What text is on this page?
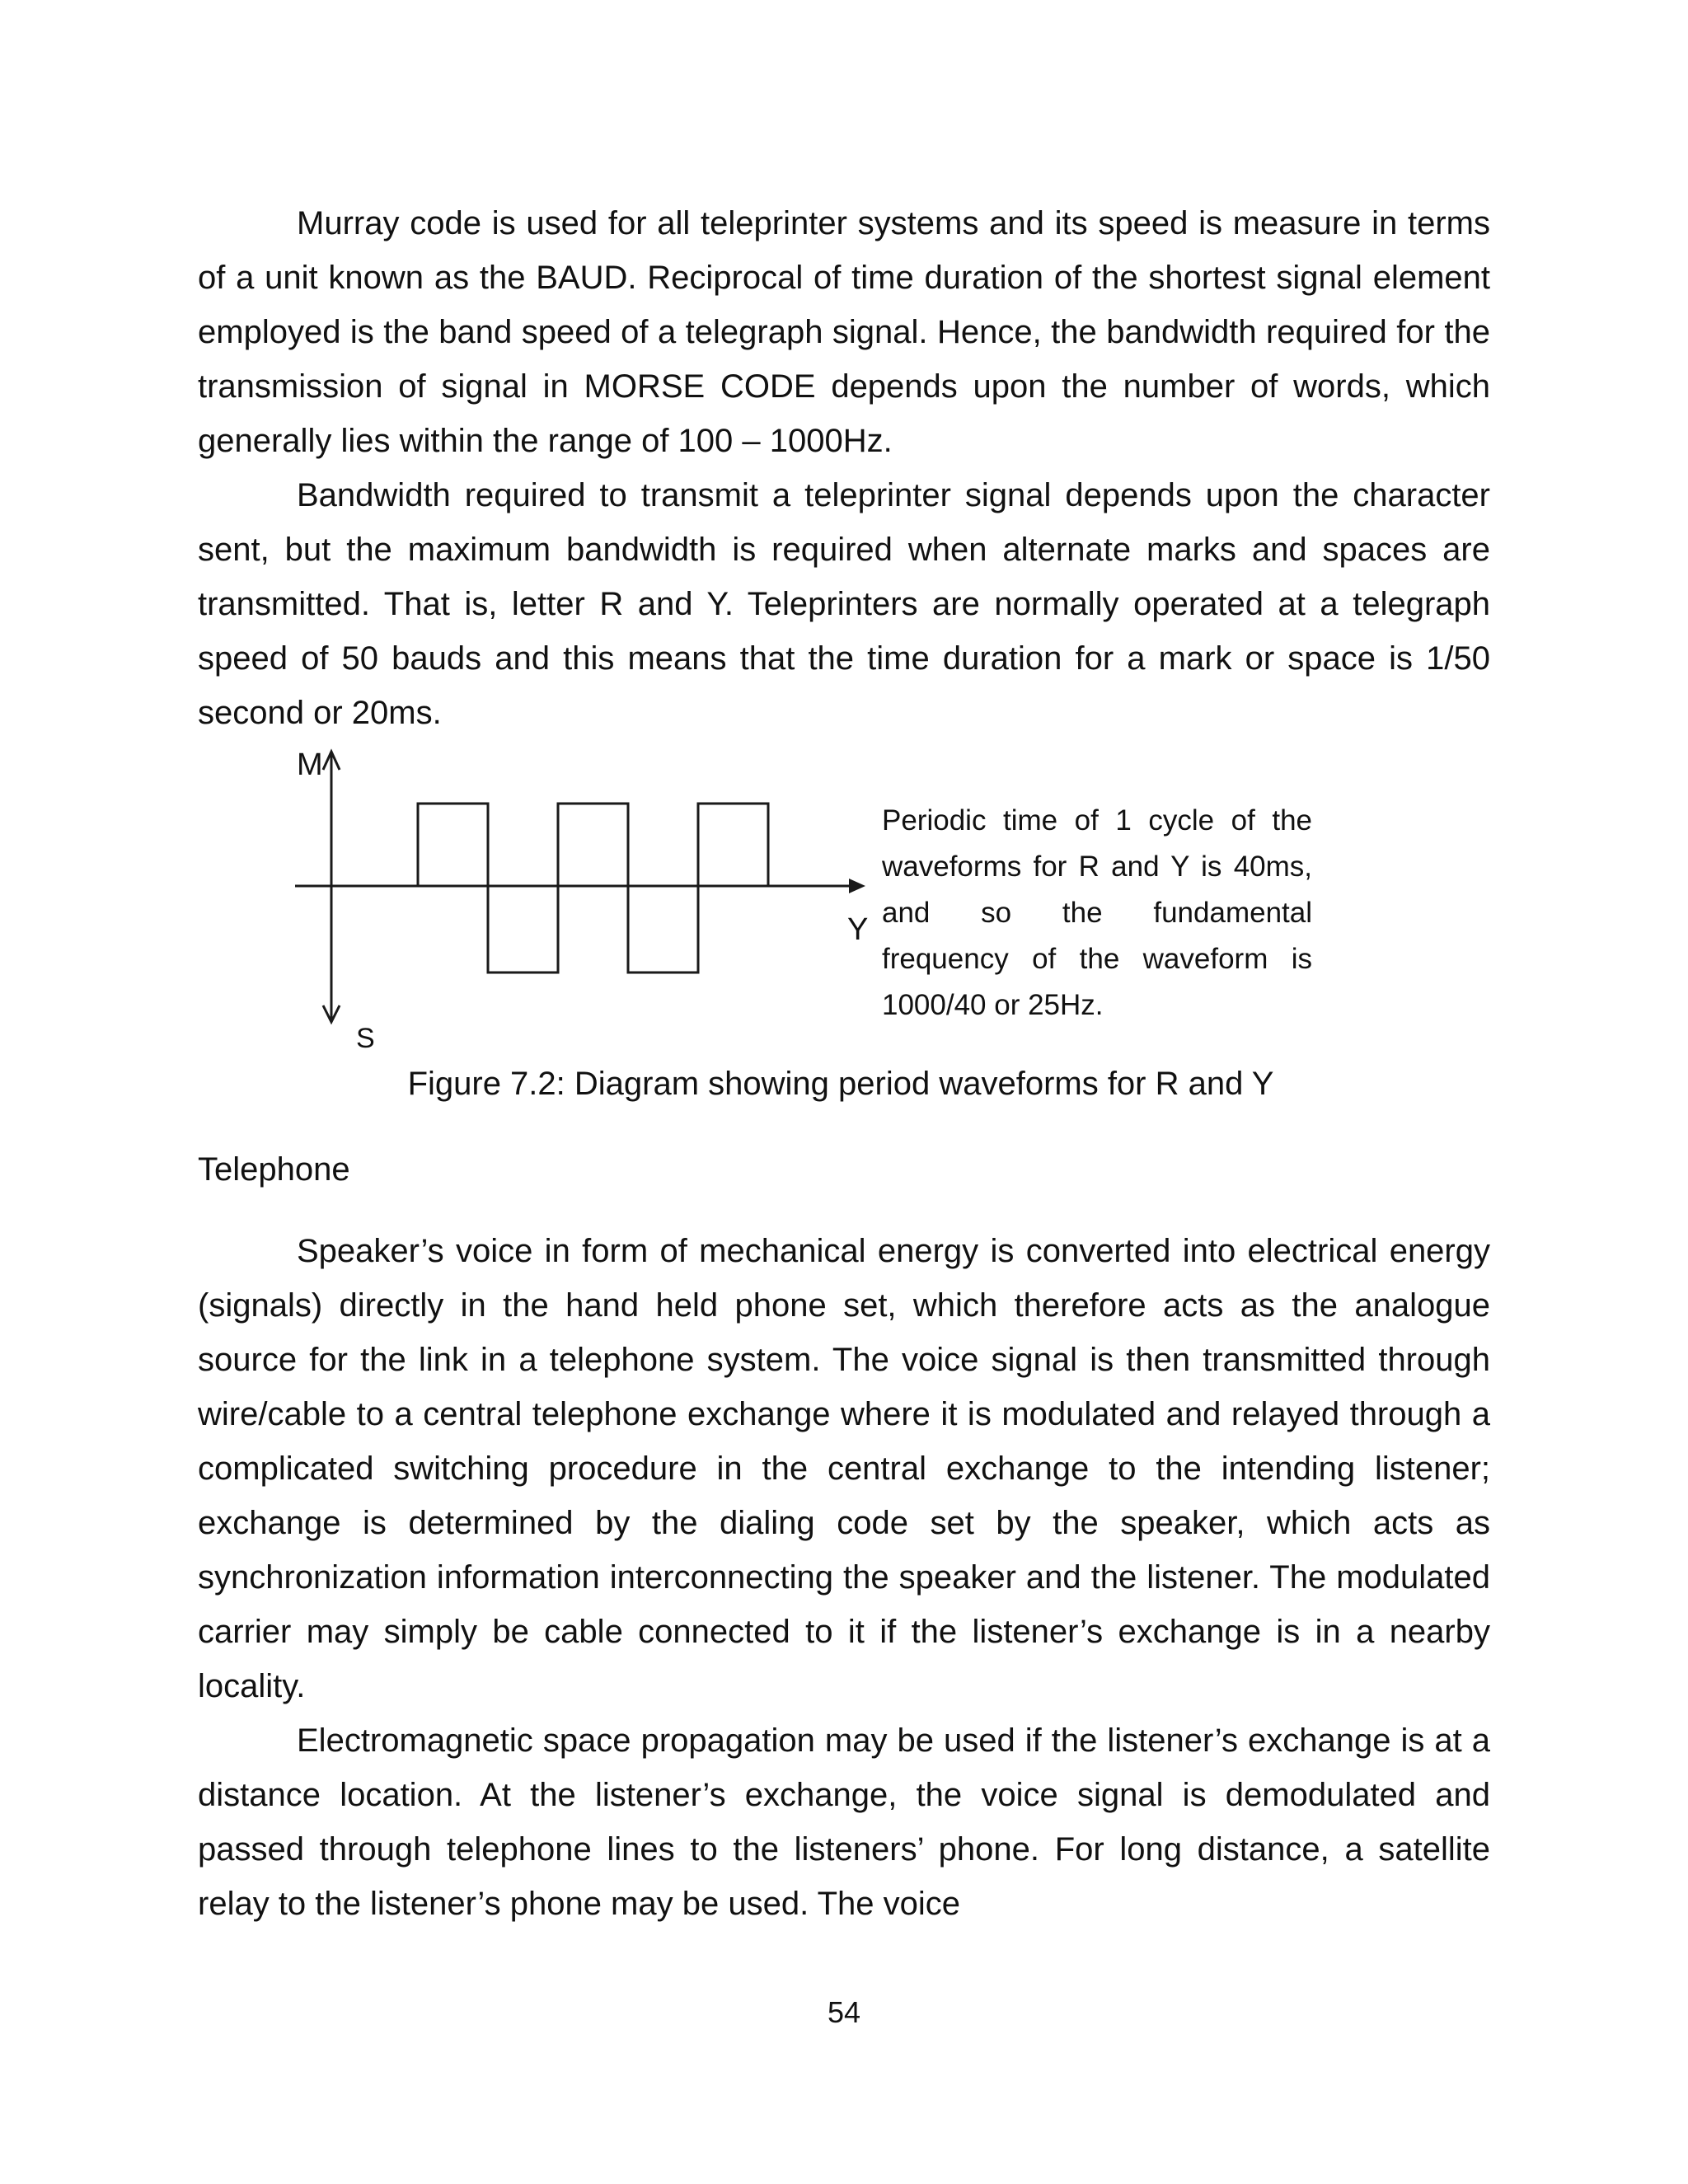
Murray code is used for all teleprinter systems and its speed is measure in terms of a unit known as the BAUD. Reciprocal of time duration of the shortest signal element employed is the band speed of a telegraph signal. Hence, the bandwidth required for the transmission of signal in MORSE CODE depends upon the number of words, which generally lies within the range of 100 – 1000Hz.

Bandwidth required to transmit a teleprinter signal depends upon the character sent, but the maximum bandwidth is required when alternate marks and spaces are transmitted. That is, letter R and Y. Teleprinters are normally operated at a telegraph speed of 50 bauds and this means that the time duration for a mark or space is 1/50 second or 20ms.

M
S
Y

Periodic time of 1 cycle of the waveforms for R and Y is 40ms, and so the fundamental frequency of the waveform is 1000/40 or 25Hz.

Figure 7.2: Diagram showing period waveforms for R and Y

Telephone

Speaker’s voice in form of mechanical energy is converted into electrical energy (signals) directly in the hand held phone set, which therefore acts as the analogue source for the link in a telephone system. The voice signal is then transmitted through wire/cable to a central telephone exchange where it is modulated and relayed through a complicated switching procedure in the central exchange to the intending listener; exchange is determined by the dialing code set by the speaker, which acts as synchronization information interconnecting the speaker and the listener. The modulated carrier may simply be cable connected to it if the listener’s exchange is in a nearby locality.

Electromagnetic space propagation may be used if the listener’s exchange is at a distance location. At the listener’s exchange, the voice signal is demodulated and passed through telephone lines to the listeners’ phone. For long distance, a satellite relay to the listener’s phone may be used. The voice

54
